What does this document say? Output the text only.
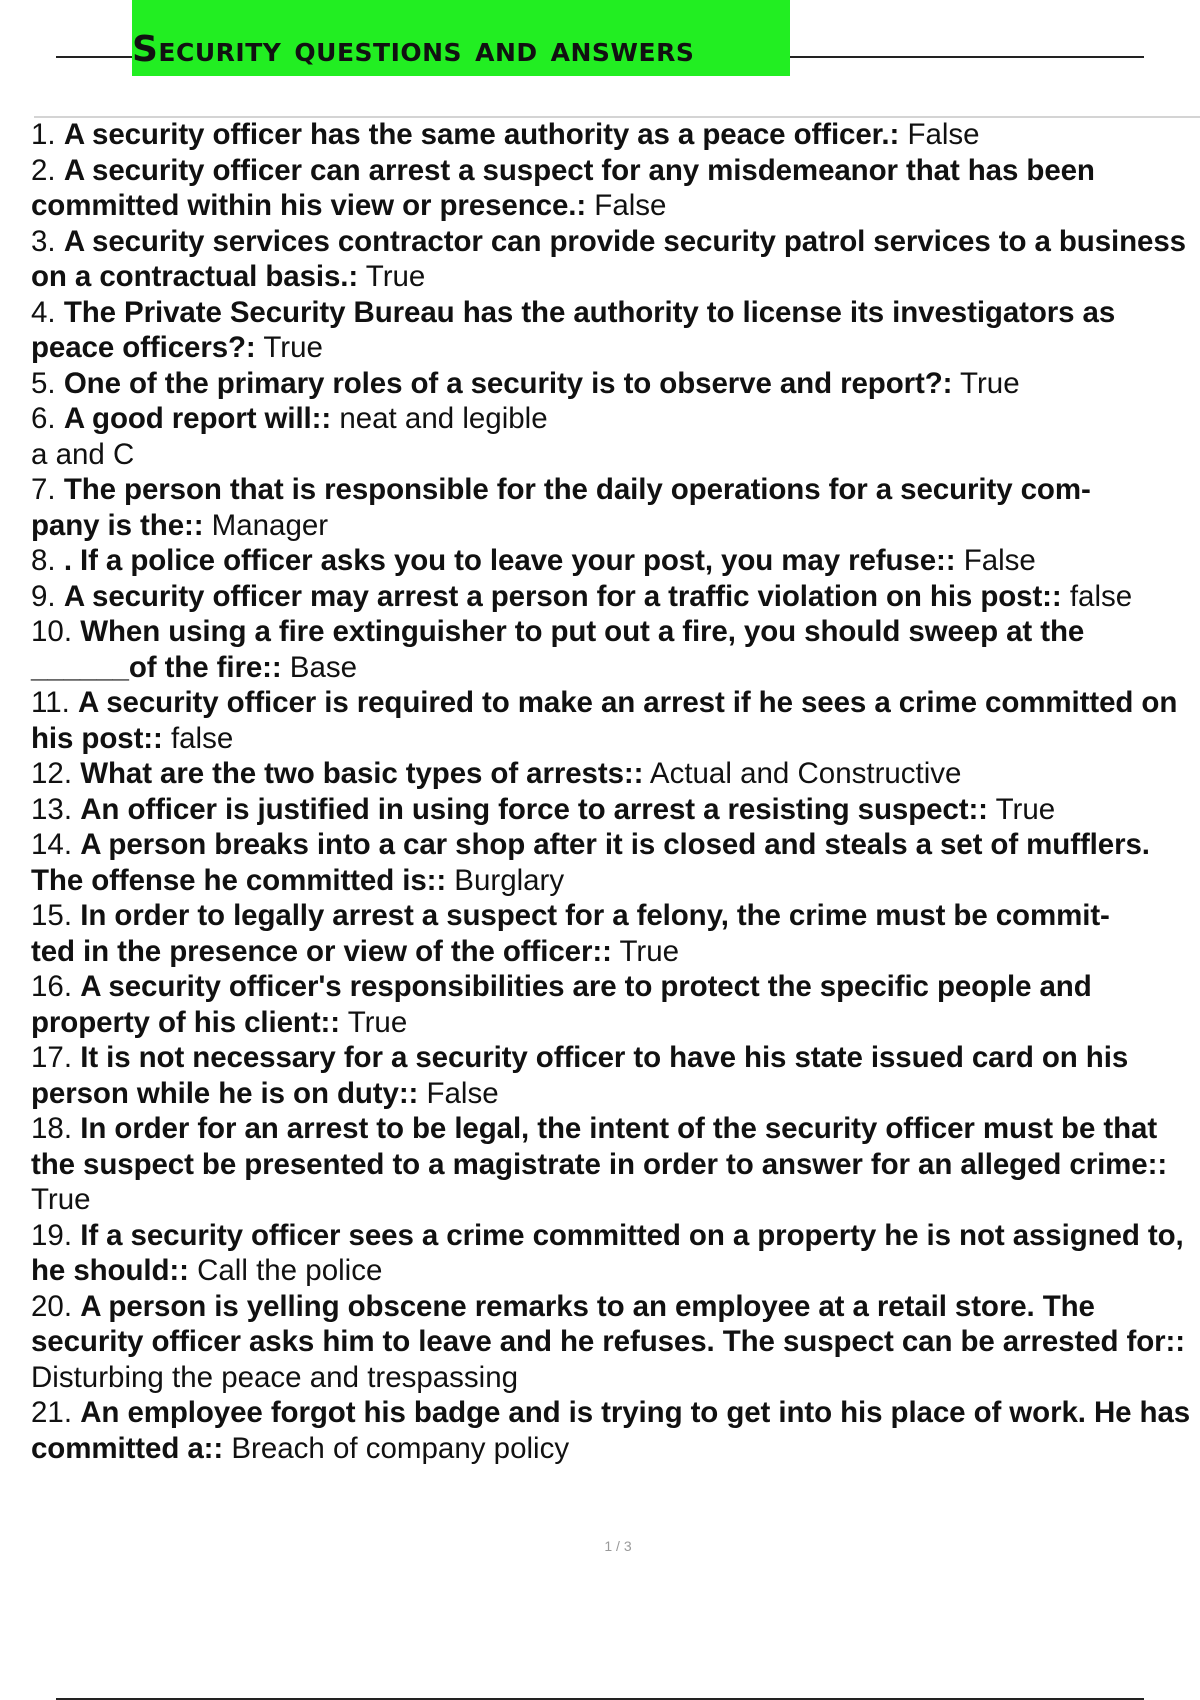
Security questions and answers
1. A security officer has the same authority as a peace officer.: False
2. A security officer can arrest a suspect for any misdemeanor that has been committed within his view or presence.: False
3. A security services contractor can provide security patrol services to a business on a contractual basis.: True
4. The Private Security Bureau has the authority to license its investigators as peace officers?: True
5. One of the primary roles of a security is to observe and report?: True
6. A good report will:: neat and legible
a and C
7. The person that is responsible for the daily operations for a security com-
pany is the:: Manager
8. . If a police officer asks you to leave your post, you may refuse:: False
9. A security officer may arrest a person for a traffic violation on his post:: false
10. When using a fire extinguisher to put out a fire, you should sweep at the ______of the fire:: Base
11. A security officer is required to make an arrest if he sees a crime committed on his post:: false
12. What are the two basic types of arrests:: Actual and Constructive
13. An officer is justified in using force to arrest a resisting suspect:: True
14. A person breaks into a car shop after it is closed and steals a set of mufflers. The offense he committed is:: Burglary
15. In order to legally arrest a suspect for a felony, the crime must be commit-
ted in the presence or view of the officer:: True
16. A security officer's responsibilities are to protect the specific people and property of his client:: True
17. It is not necessary for a security officer to have his state issued card on his person while he is on duty:: False
18. In order for an arrest to be legal, the intent of the security officer must be that the suspect be presented to a magistrate in order to answer for an alleged crime:: True
19. If a security officer sees a crime committed on a property he is not assigned to, he should:: Call the police
20. A person is yelling obscene remarks to an employee at a retail store. The security officer asks him to leave and he refuses. The suspect can be arrested for:: Disturbing the peace and trespassing
21. An employee forgot his badge and is trying to get into his place of work. He has committed a:: Breach of company policy
1 / 3
